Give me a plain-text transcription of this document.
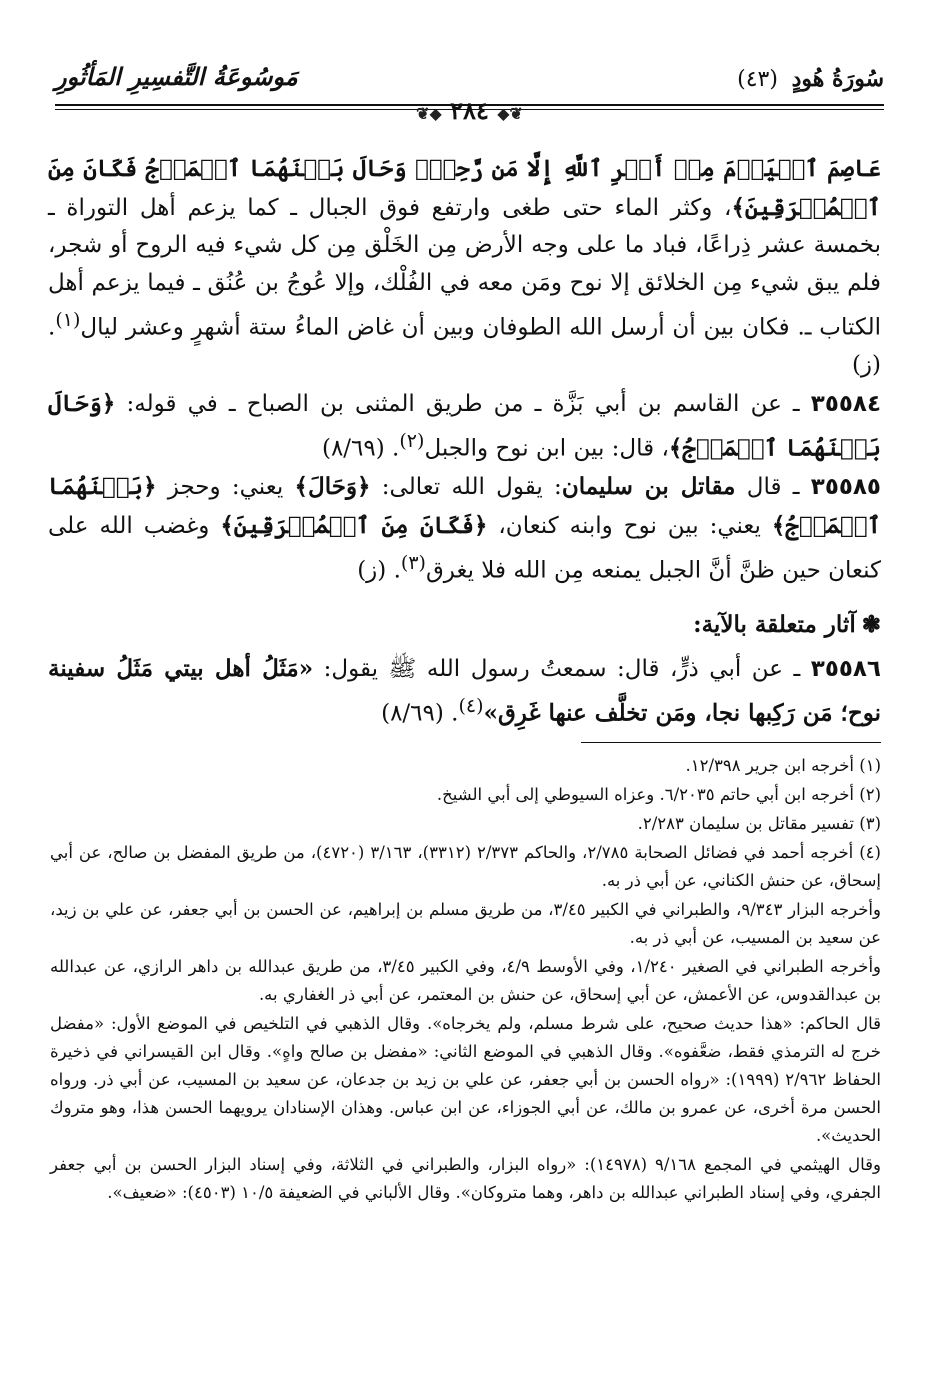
سُورَةُ هُودٍ (٤٣)
مَوسُوعَةُ التَّفسِيرِ المَأثُورِ
❦◆ ٢٨٤ ◆❦

عَاصِمَ ٱلۡيَوۡمَ مِنۡ أَمۡرِ ٱللَّهِ إِلَّا مَن رَّحِمَۚ وَحَالَ بَيۡنَهُمَا ٱلۡمَوۡجُ فَكَانَ مِنَ ٱلۡمُغۡرَقِينَ﴾، وكثر الماء حتى طغى وارتفع فوق الجبال ـ كما يزعم أهل التوراة ـ بخمسة عشر ذِراعًا، فباد ما على وجه الأرض مِن الخَلْق مِن كل شيء فيه الروح أو شجر، فلم يبق شيء مِن الخلائق إلا نوح ومَن معه في الفُلْك، وإلا عُوجُ بن عُنُق ـ فيما يزعم أهل الكتاب ـ. فكان بين أن أرسل الله الطوفان وبين أن غاض الماءُ ستة أشهرٍ وعشر ليال$^{(١)}$. (ز)

٣٥٥٨٤ ـ عن القاسم بن أبي بَزَّة ـ من طريق المثنى بن الصباح ـ في قوله: ﴿وَحَالَ بَيۡنَهُمَا ٱلۡمَوۡجُ﴾، قال: بين ابن نوح والجبل$^{(٢)}$. (٨/٦٩)

٣٥٥٨٥ ـ قال مقاتل بن سليمان: يقول الله تعالى: ﴿وَحَالَ﴾ يعني: وحجز ﴿بَيۡنَهُمَا ٱلۡمَوۡجُ﴾ يعني: بين نوح وابنه كنعان، ﴿فَكَانَ مِنَ ٱلۡمُغۡرَقِينَ﴾ وغضب الله على كنعان حين ظنَّ أنَّ الجبل يمنعه مِن الله فلا يغرق$^{(٣)}$. (ز)

❃آثار متعلقة بالآية:

٣٥٥٨٦ ـ عن أبي ذرٍّ، قال: سمعتُ رسول الله ﷺ يقول: «مَثَلُ أهل بيتي مَثَلُ سفينة نوح؛ مَن رَكِبها نجا، ومَن تخلَّف عنها غَرِق»$^{(٤)}$. (٨/٦٩)

(١) أخرجه ابن جرير ١٢/٣٩٨.

(٢) أخرجه ابن أبي حاتم ٦/٢٠٣٥. وعزاه السيوطي إلى أبي الشيخ.

(٣) تفسير مقاتل بن سليمان ٢/٢٨٣.

(٤) أخرجه أحمد في فضائل الصحابة ٢/٧٨٥، والحاكم ٢/٣٧٣ (٣٣١٢)، ٣/١٦٣ (٤٧٢٠)، من طريق المفضل بن صالح، عن أبي إسحاق، عن حنش الكناني، عن أبي ذر به.

وأخرجه البزار ٩/٣٤٣، والطبراني في الكبير ٣/٤٥، من طريق مسلم بن إبراهيم، عن الحسن بن أبي جعفر، عن علي بن زيد، عن سعيد بن المسيب، عن أبي ذر به.

وأخرجه الطبراني في الصغير ١/٢٤٠، وفي الأوسط ٤/٩، وفي الكبير ٣/٤٥، من طريق عبدالله بن داهر الرازي، عن عبدالله بن عبدالقدوس، عن الأعمش، عن أبي إسحاق، عن حنش بن المعتمر، عن أبي ذر الغفاري به.

قال الحاكم: «هذا حديث صحيح، على شرط مسلم، ولم يخرجاه». وقال الذهبي في التلخيص في الموضع الأول: «مفضل خرج له الترمذي فقط، ضعَّفوه». وقال الذهبي في الموضع الثاني: «مفضل بن صالح واهٍ». وقال ابن القيسراني في ذخيرة الحفاظ ٢/٩٦٢ (١٩٩٩): «رواه الحسن بن أبي جعفر، عن علي بن زيد بن جدعان، عن سعيد بن المسيب، عن أبي ذر. ورواه الحسن مرة أخرى، عن عمرو بن مالك، عن أبي الجوزاء، عن ابن عباس. وهذان الإسنادان يرويهما الحسن هذا، وهو متروك الحديث».

وقال الهيثمي في المجمع ٩/١٦٨ (١٤٩٧٨): «رواه البزار، والطبراني في الثلاثة، وفي إسناد البزار الحسن بن أبي جعفر الجفري، وفي إسناد الطبراني عبدالله بن داهر، وهما متروكان». وقال الألباني في الضعيفة ١٠/٥ (٤٥٠٣): «ضعيف».
